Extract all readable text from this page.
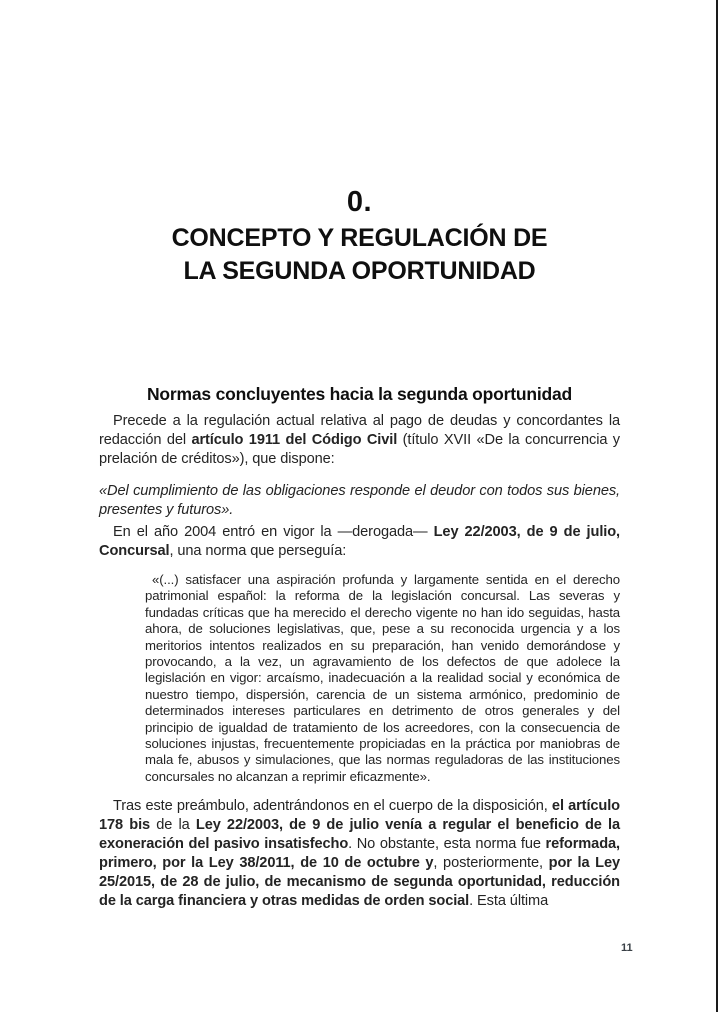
0.
CONCEPTO Y REGULACIÓN DE
LA SEGUNDA OPORTUNIDAD
Normas concluyentes hacia la segunda oportunidad

Precede a la regulación actual relativa al pago de deudas y concordantes la redacción del artículo 1911 del Código Civil (título XVII «De la concurrencia y prelación de créditos»), que dispone:

«Del cumplimiento de las obligaciones responde el deudor con todos sus bienes, presentes y futuros».

En el año 2004 entró en vigor la —derogada— Ley 22/2003, de 9 de julio, Concursal, una norma que perseguía:

«(...) satisfacer una aspiración profunda y largamente sentida en el derecho patrimonial español: la reforma de la legislación concursal. Las severas y fundadas críticas que ha merecido el derecho vigente no han ido seguidas, hasta ahora, de soluciones legislativas, que, pese a su reconocida urgencia y a los meritorios intentos realizados en su preparación, han venido demorándose y provocando, a la vez, un agravamiento de los defectos de que adolece la legislación en vigor: arcaísmo, inadecuación a la realidad social y económica de nuestro tiempo, dispersión, carencia de un sistema armónico, predominio de determinados intereses particulares en detrimento de otros generales y del principio de igualdad de tratamiento de los acreedores, con la consecuencia de soluciones injustas, frecuentemente propiciadas en la práctica por maniobras de mala fe, abusos y simulaciones, que las normas reguladoras de las instituciones concursales no alcanzan a reprimir eficazmente».

Tras este preámbulo, adentrándonos en el cuerpo de la disposición, el artículo 178 bis de la Ley 22/2003, de 9 de julio venía a regular el beneficio de la exoneración del pasivo insatisfecho. No obstante, esta norma fue reformada, primero, por la Ley 38/2011, de 10 de octubre y, posteriormente, por la Ley 25/2015, de 28 de julio, de mecanismo de segunda oportunidad, reducción de la carga financiera y otras medidas de orden social. Esta última

11
